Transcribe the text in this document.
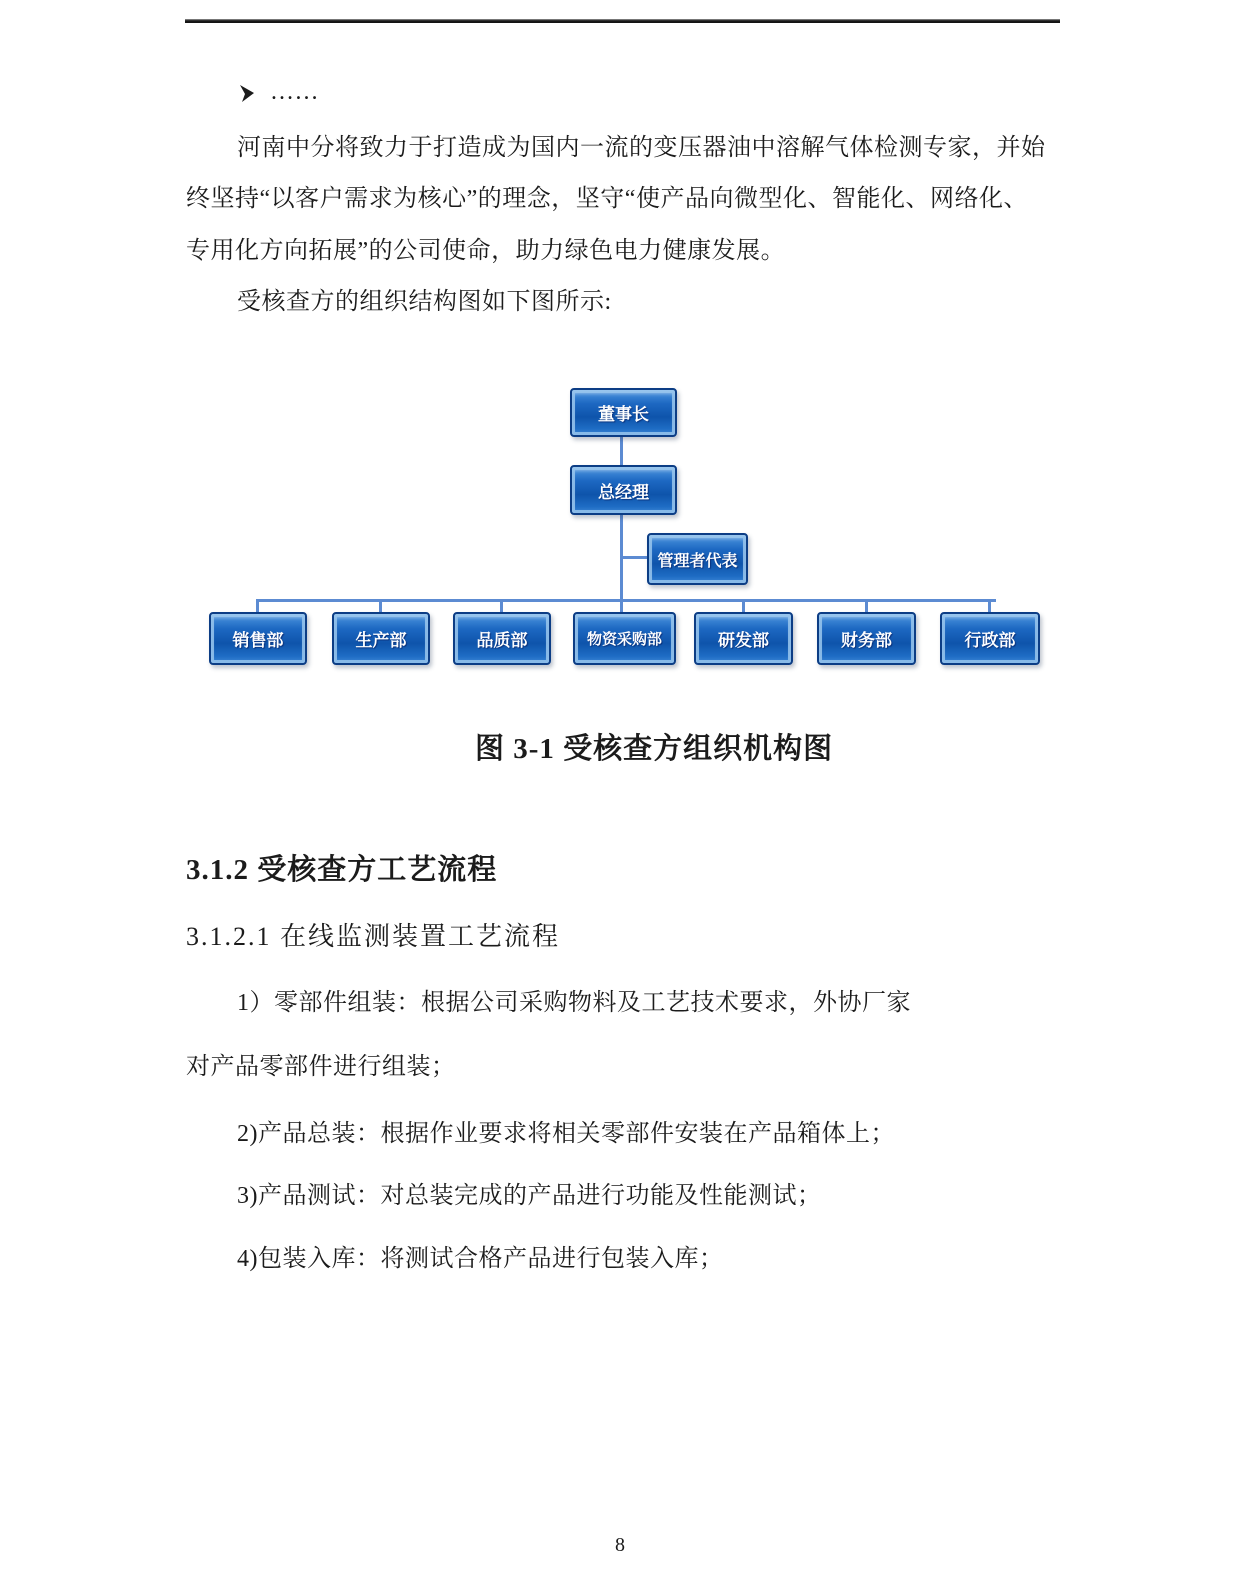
……
河南中分将致力于打造成为国内一流的变压器油中溶解气体检测专家，并始
终坚持“以客户需求为核心”的理念，坚守“使产品向微型化、智能化、网络化、
专用化方向拓展”的公司使命，助力绿色电力健康发展。
受核查方的组织结构图如下图所示:
董事长
总经理
管理者代表
销售部	生产部	品质部	物资采购部	研发部	财务部	行政部
图 3-1 受核查方组织机构图
3.1.2 受核查方工艺流程
3.1.2.1 在线监测装置工艺流程
1）零部件组装：根据公司采购物料及工艺技术要求，外协厂家
对产品零部件进行组装；
2)产品总装：根据作业要求将相关零部件安装在产品箱体上；
3)产品测试：对总装完成的产品进行功能及性能测试；
4)包装入库：将测试合格产品进行包装入库；
8
